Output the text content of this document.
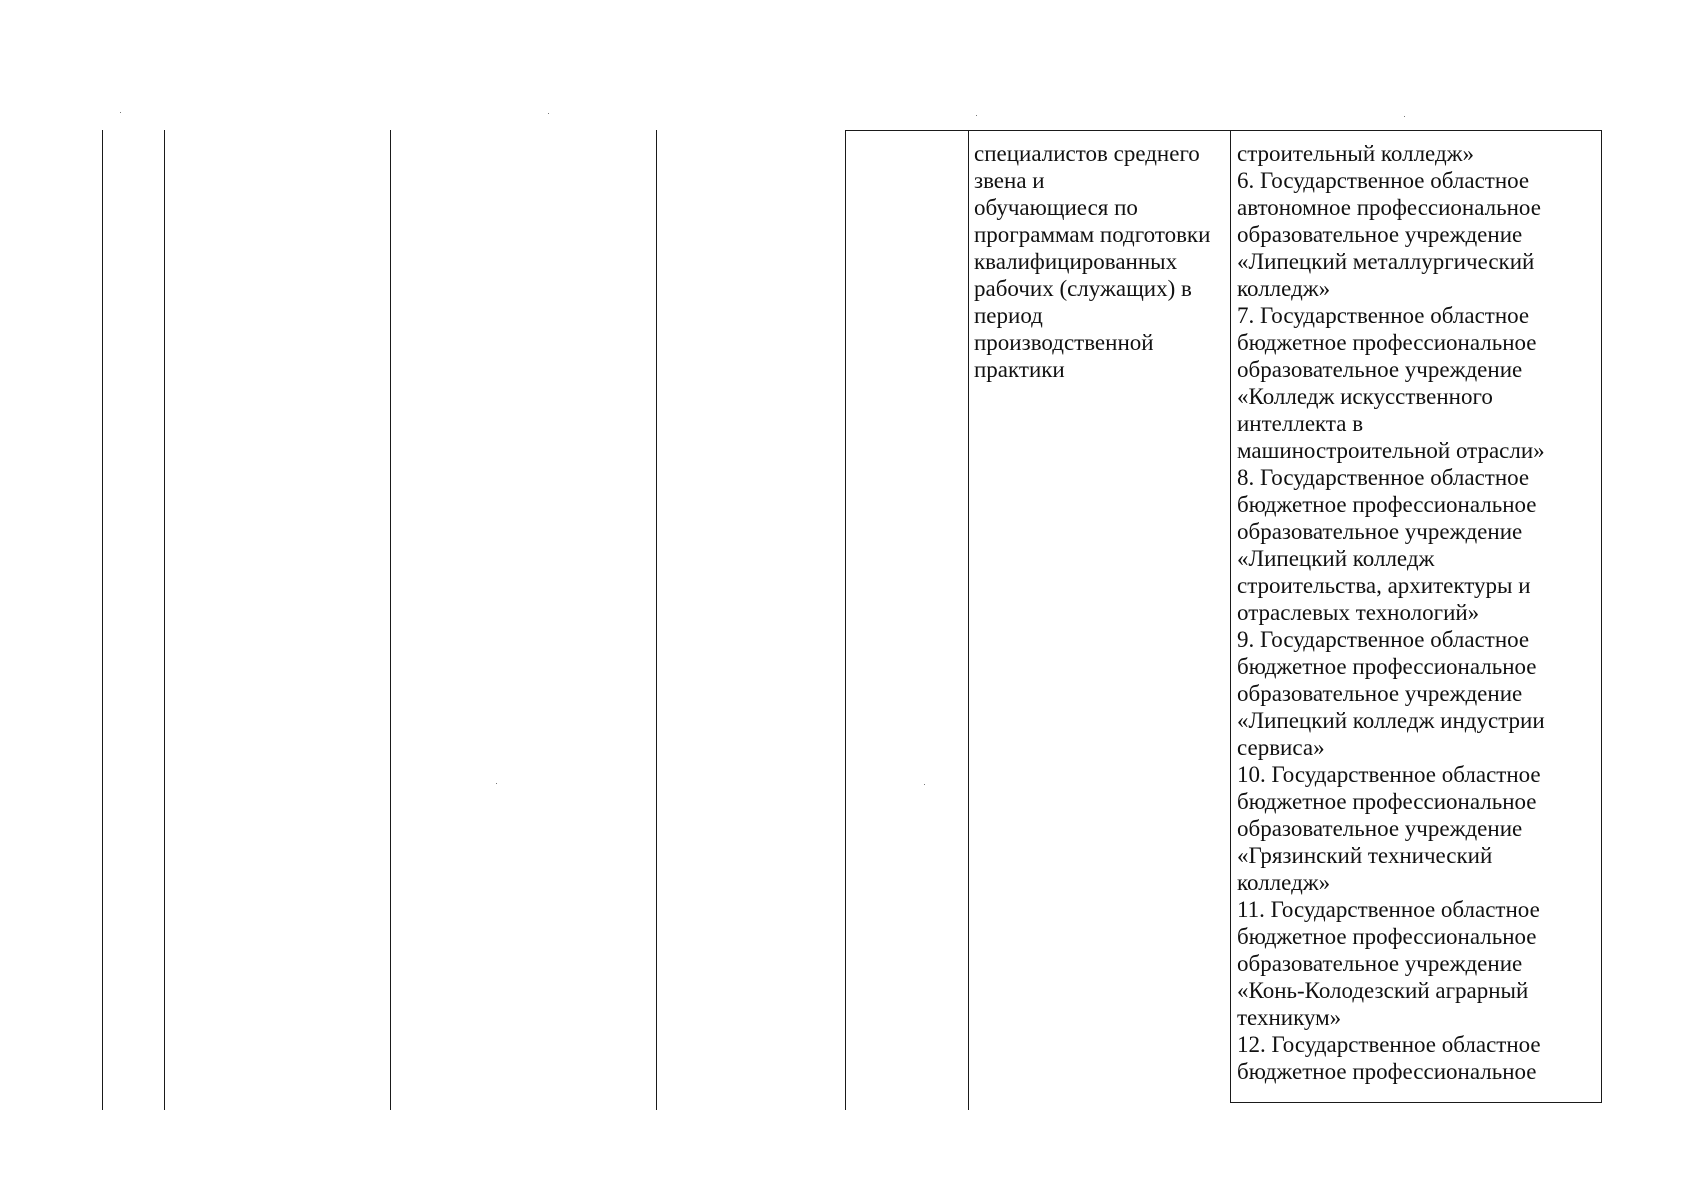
специалистов среднего
звена и
обучающиеся по
программам подготовки
квалифицированных
рабочих (служащих) в
период
производственной
практики
строительный колледж»
6. Государственное областное
автономное профессиональное
образовательное учреждение
«Липецкий металлургический
колледж»
7. Государственное областное
бюджетное профессиональное
образовательное учреждение
«Колледж искусственного
интеллекта в
машиностроительной отрасли»
8. Государственное областное
бюджетное профессиональное
образовательное учреждение
«Липецкий колледж
строительства, архитектуры и
отраслевых технологий»
9. Государственное областное
бюджетное профессиональное
образовательное учреждение
«Липецкий колледж индустрии
сервиса»
10. Государственное областное
бюджетное профессиональное
образовательное учреждение
«Грязинский технический
колледж»
11. Государственное областное
бюджетное профессиональное
образовательное учреждение
«Конь-Колодезский аграрный
техникум»
12. Государственное областное
бюджетное профессиональное
